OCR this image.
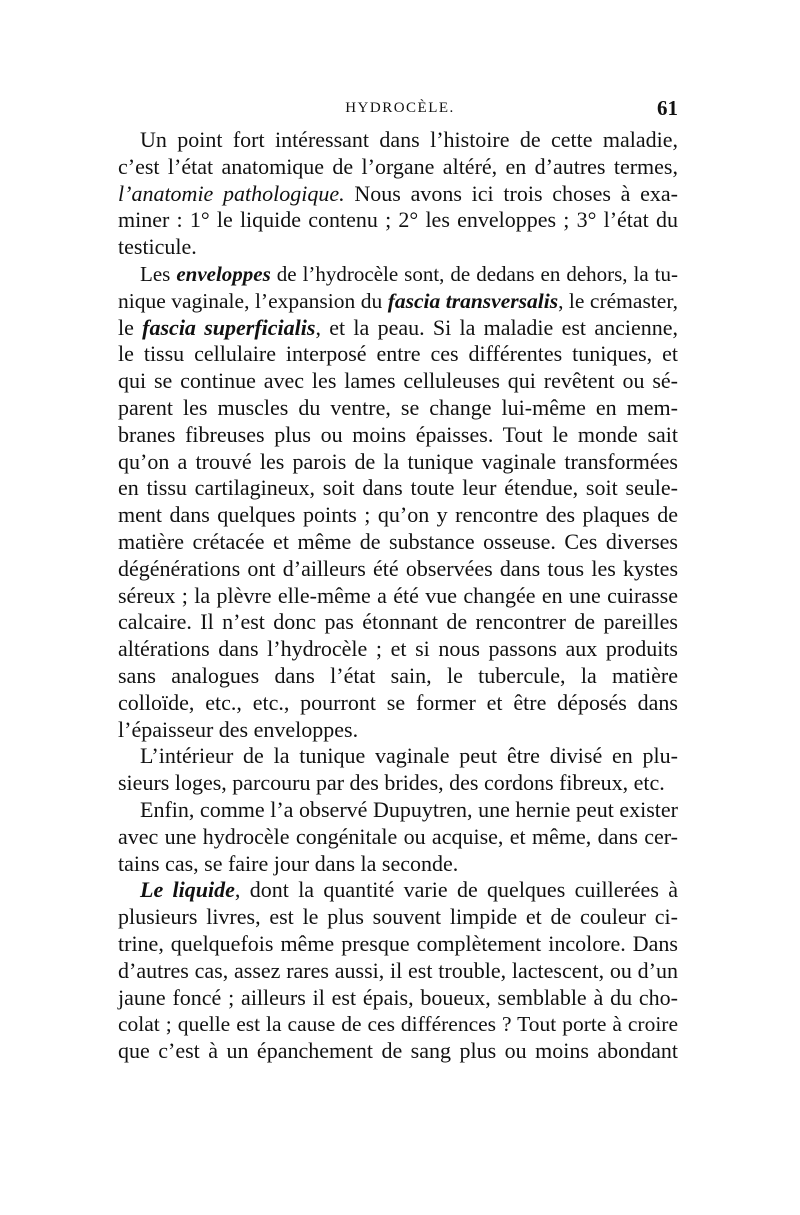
HYDROCÈLE.	61
Un point fort intéressant dans l’histoire de cette maladie,
c’est l’état anatomique de l’organe altéré, en d’autres termes,
l’anatomie pathologique. Nous avons ici trois choses à exa-
miner : 1° le liquide contenu ; 2° les enveloppes ; 3° l’état du
testicule.
Les enveloppes de l’hydrocèle sont, de dedans en dehors, la tu-
nique vaginale, l’expansion du fascia transversalis, le crémaster,
le fascia superficialis, et la peau. Si la maladie est ancienne,
le tissu cellulaire interposé entre ces différentes tuniques, et
qui se continue avec les lames celluleuses qui revêtent ou sé-
parent les muscles du ventre, se change lui-même en mem-
branes fibreuses plus ou moins épaisses. Tout le monde sait
qu’on a trouvé les parois de la tunique vaginale transformées
en tissu cartilagineux, soit dans toute leur étendue, soit seule-
ment dans quelques points ; qu’on y rencontre des plaques de
matière crétacée et même de substance osseuse. Ces diverses
dégénérations ont d’ailleurs été observées dans tous les kystes
séreux ; la plèvre elle-même a été vue changée en une cuirasse
calcaire. Il n’est donc pas étonnant de rencontrer de pareilles
altérations dans l’hydrocèle ; et si nous passons aux produits
sans analogues dans l’état sain, le tubercule, la matière
colloïde, etc., etc., pourront se former et être déposés dans
l’épaisseur des enveloppes.
L’intérieur de la tunique vaginale peut être divisé en plu-
sieurs loges, parcouru par des brides, des cordons fibreux, etc.
Enfin, comme l’a observé Dupuytren, une hernie peut exister
avec une hydrocèle congénitale ou acquise, et même, dans cer-
tains cas, se faire jour dans la seconde.
Le liquide, dont la quantité varie de quelques cuillerées à
plusieurs livres, est le plus souvent limpide et de couleur ci-
trine, quelquefois même presque complètement incolore. Dans
d’autres cas, assez rares aussi, il est trouble, lactescent, ou d’un
jaune foncé ; ailleurs il est épais, boueux, semblable à du cho-
colat ; quelle est la cause de ces différences ? Tout porte à croire
que c’est à un épanchement de sang plus ou moins abondant
